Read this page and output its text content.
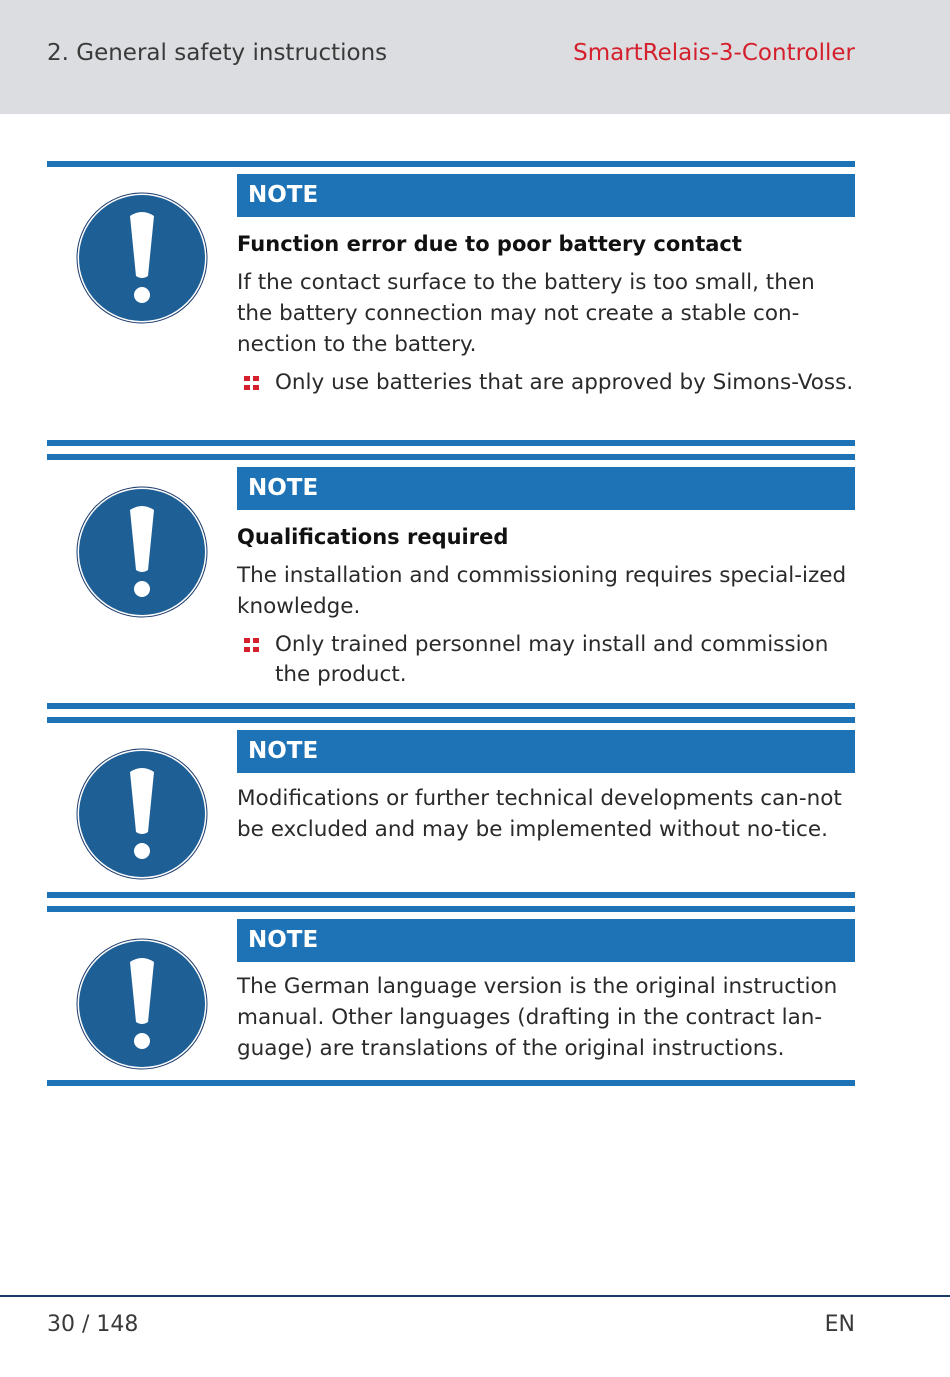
2. General safety instructions	SmartRelais-3-Controller
NOTE
Function error due to poor battery contact
If the contact surface to the battery is too small, then the battery connection may not create a stable con-nection to the battery.
Only use batteries that are approved by Simons-Voss.
NOTE
Qualifications required
The installation and commissioning requires special-ized knowledge.
Only trained personnel may install and commission the product.
NOTE
Modifications or further technical developments can-not be excluded and may be implemented without no-tice.
NOTE
The German language version is the original instruction manual. Other languages (drafting in the contract lan-guage) are translations of the original instructions.
30 / 148	EN
